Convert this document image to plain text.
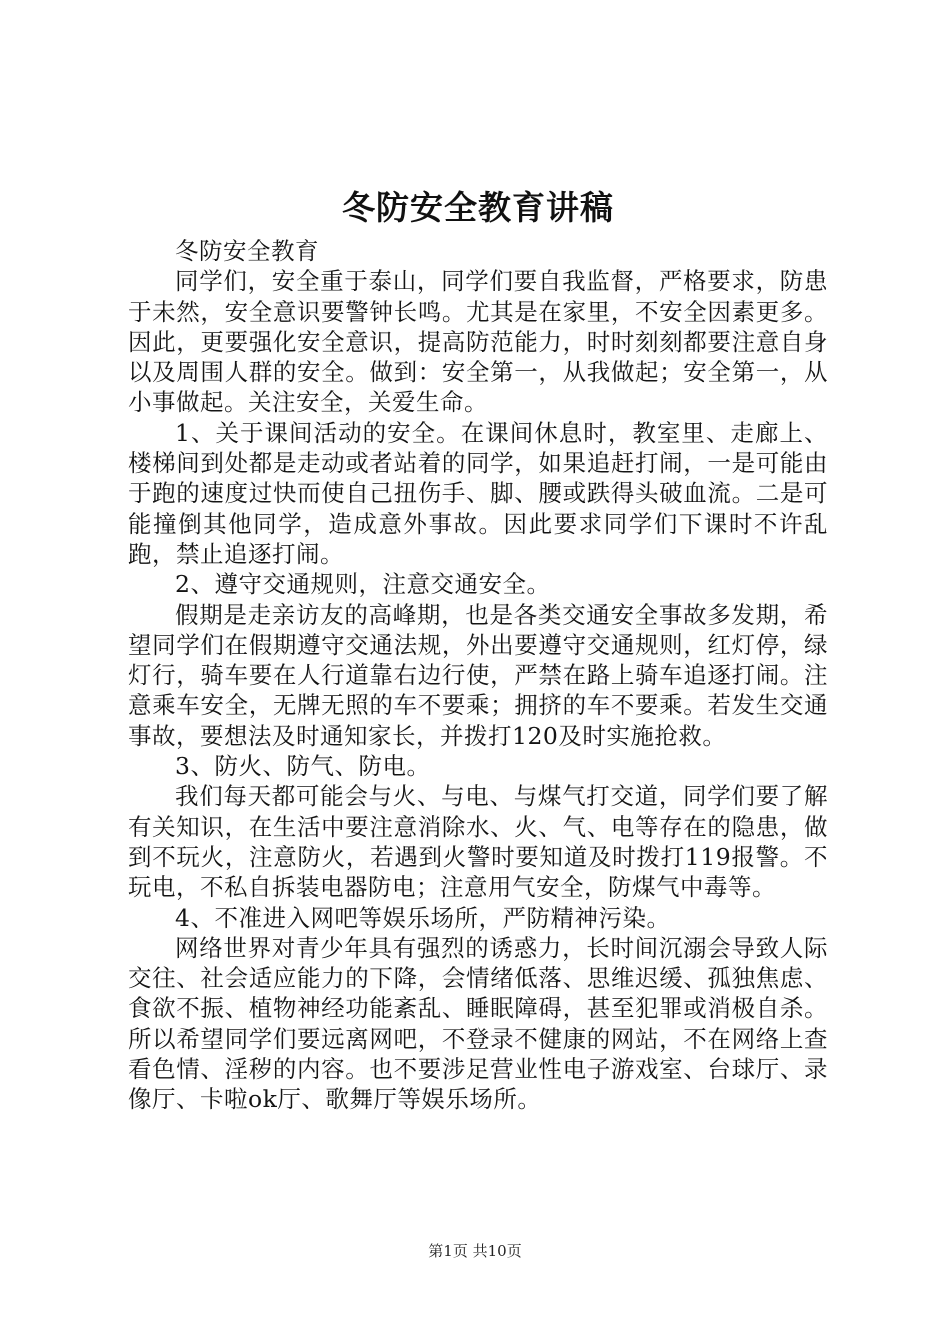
冬防安全教育讲稿

冬防安全教育

同学们，安全重于泰山，同学们要自我监督，严格要求，防患于未然，安全意识要警钟长鸣。尤其是在家里，不安全因素更多。因此，更要强化安全意识，提高防范能力，时时刻刻都要注意自身以及周围人群的安全。做到：安全第一，从我做起；安全第一，从小事做起。关注安全，关爱生命。

1、关于课间活动的安全。在课间休息时，教室里、走廊上、楼梯间到处都是走动或者站着的同学，如果追赶打闹，一是可能由于跑的速度过快而使自己扭伤手、脚、腰或跌得头破血流。二是可能撞倒其他同学，造成意外事故。因此要求同学们下课时不许乱跑，禁止追逐打闹。

2、遵守交通规则，注意交通安全。

假期是走亲访友的高峰期，也是各类交通安全事故多发期，希望同学们在假期遵守交通法规，外出要遵守交通规则，红灯停，绿灯行，骑车要在人行道靠右边行使，严禁在路上骑车追逐打闹。注意乘车安全，无牌无照的车不要乘；拥挤的车不要乘。若发生交通事故，要想法及时通知家长，并拨打120及时实施抢救。

3、防火、防气、防电。

我们每天都可能会与火、与电、与煤气打交道，同学们要了解有关知识，在生活中要注意消除水、火、气、电等存在的隐患，做到不玩火，注意防火，若遇到火警时要知道及时拨打119报警。不玩电，不私自拆装电器防电；注意用气安全，防煤气中毒等。

4、不准进入网吧等娱乐场所，严防精神污染。

网络世界对青少年具有强烈的诱惑力，长时间沉溺会导致人际交往、社会适应能力的下降，会情绪低落、思维迟缓、孤独焦虑、食欲不振、植物神经功能紊乱、睡眠障碍，甚至犯罪或消极自杀。所以希望同学们要远离网吧，不登录不健康的网站，不在网络上查看色情、淫秽的内容。也不要涉足营业性电子游戏室、台球厅、录像厅、卡啦ok厅、歌舞厅等娱乐场所。

第1页 共10页
